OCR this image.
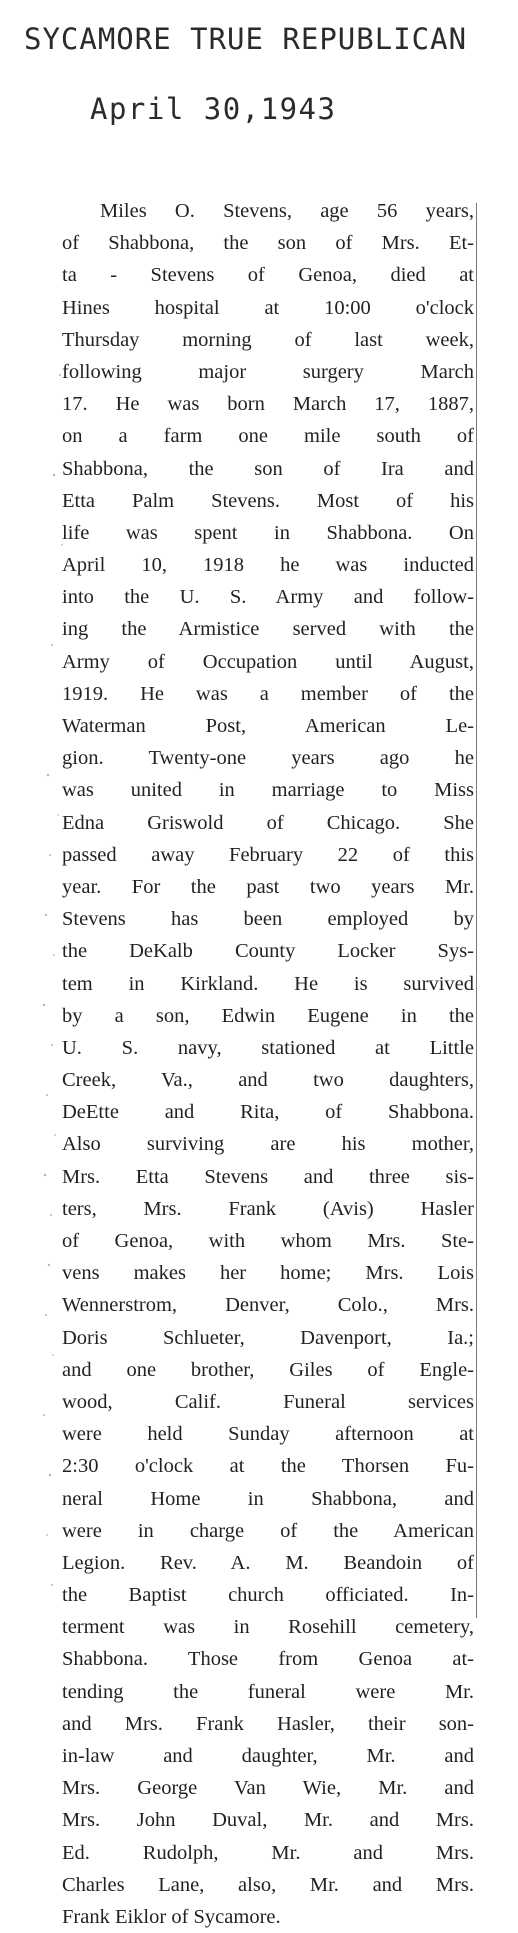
SYCAMORE TRUE REPUBLICAN
April 30,1943
Miles O. Stevens, age 56 years,
of Shabbona, the son of Mrs. Et-
ta - Stevens of Genoa, died at
Hines hospital at 10:00 o'clock
Thursday morning of last week,
following major surgery March
17. He was born March 17, 1887,
on a farm one mile south of
Shabbona, the son of Ira and
Etta Palm Stevens. Most of his
life was spent in Shabbona. On
April 10, 1918 he was inducted
into the U. S. Army and follow-
ing the Armistice served with the
Army of Occupation until August,
1919. He was a member of the
Waterman Post, American Le-
gion. Twenty-one years ago he
was united in marriage to Miss
Edna Griswold of Chicago. She
passed away February 22 of this
year. For the past two years Mr.
Stevens has been employed by
the DeKalb County Locker Sys-
tem in Kirkland. He is survived
by a son, Edwin Eugene in the
U. S. navy, stationed at Little
Creek, Va., and two daughters,
DeEtte and Rita, of Shabbona.
Also surviving are his mother,
Mrs. Etta Stevens and three sis-
ters, Mrs. Frank (Avis) Hasler
of Genoa, with whom Mrs. Ste-
vens makes her home; Mrs. Lois
Wennerstrom, Denver, Colo., Mrs.
Doris Schlueter, Davenport, Ia.;
and one brother, Giles of Engle-
wood, Calif. Funeral services
were held Sunday afternoon at
2:30 o'clock at the Thorsen Fu-
neral Home in Shabbona, and
were in charge of the American
Legion. Rev. A. M. Beandoin of
the Baptist church officiated. In-
terment was in Rosehill cemetery,
Shabbona. Those from Genoa at-
tending the funeral were Mr.
and Mrs. Frank Hasler, their son-
in-law and daughter, Mr. and
Mrs. George Van Wie, Mr. and
Mrs. John Duval, Mr. and Mrs.
Ed. Rudolph, Mr. and Mrs.
Charles Lane, also, Mr. and Mrs.
Frank Eiklor of Sycamore.
